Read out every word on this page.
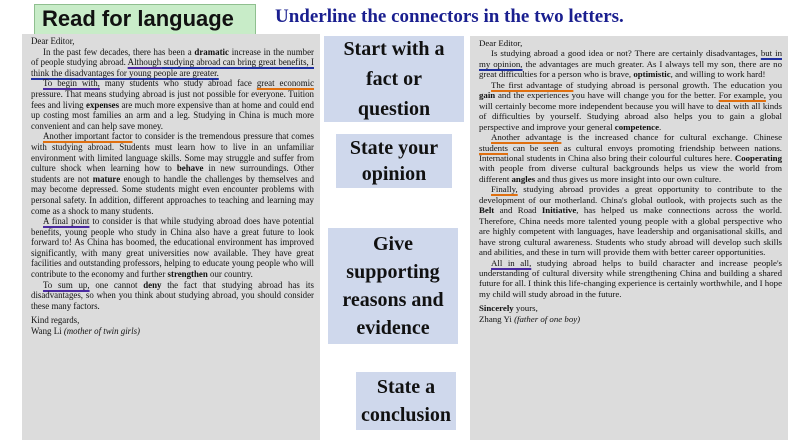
Read for language Underline the connectors in the two letters.

Dear Editor,

In the past few decades, there has been a dramatic increase in the number of people studying abroad. Although studying abroad can bring great benefits, I think the disadvantages for young people are greater.

To begin with, many students who study abroad face great economic pressure. That means studying abroad is just not possible for everyone. Tuition fees and living expenses are much more expensive than at home and could end up costing most families an arm and a leg. Studying in China is much more convenient and can help save money.

Another important factor to consider is the tremendous pressure that comes with studying abroad. Students must learn how to live in an unfamiliar environment with limited language skills. Some may struggle and suffer from culture shock when learning how to behave in new surroundings. Other students are not mature enough to handle the challenges by themselves and may become depressed. Some students might even encounter problems with personal safety. In addition, different approaches to teaching and learning may come as a shock to many students.

A final point to consider is that while studying abroad does have potential benefits, young people who study in China also have a great future to look forward to! As China has boomed, the educational environment has improved significantly, with many great universities now available. They have great facilities and outstanding professors, helping to educate young people who will contribute to the economy and further strengthen our country.

To sum up, one cannot deny the fact that studying abroad has its disadvantages, so when you think about studying abroad, you should consider these many factors.

Kind regards,

Wang Li (mother of twin girls)

Start with a
fact or
question
State your
opinion
Give
supporting
reasons and
evidence
State a
conclusion

Dear Editor,

Is studying abroad a good idea or not? There are certainly disadvantages, but in my opinion, the advantages are much greater. As I always tell my son, there are no great difficulties for a person who is brave, optimistic, and willing to work hard!

The first advantage of studying abroad is personal growth. The education you gain and the experiences you have will change you for the better. For example, you will certainly become more independent because you will have to deal with all kinds of difficulties by yourself. Studying abroad also helps you to gain a global perspective and improve your general competence.

Another advantage is the increased chance for cultural exchange. Chinese students can be seen as cultural envoys promoting friendship between nations. International students in China also bring their colourful cultures here. Cooperating with people from diverse cultural backgrounds helps us view the world from different angles and thus gives us more insight into our own culture.

Finally, studying abroad provides a great opportunity to contribute to the development of our motherland. China's global outlook, with projects such as the Belt and Road Initiative, has helped us make connections across the world. Therefore, China needs more talented young people with a global perspective who are highly competent with languages, have leadership and organisational skills, and have strong cultural awareness. Students who study abroad will develop such skills and abilities, and these in turn will provide them with better career opportunities.

All in all, studying abroad helps to build character and increase people's understanding of cultural diversity while strengthening China and building a shared future for all. I think this life-changing experience is certainly worthwhile, and I hope my child will study abroad in the future.

Sincerely yours,

Zhang Yi (father of one boy)
